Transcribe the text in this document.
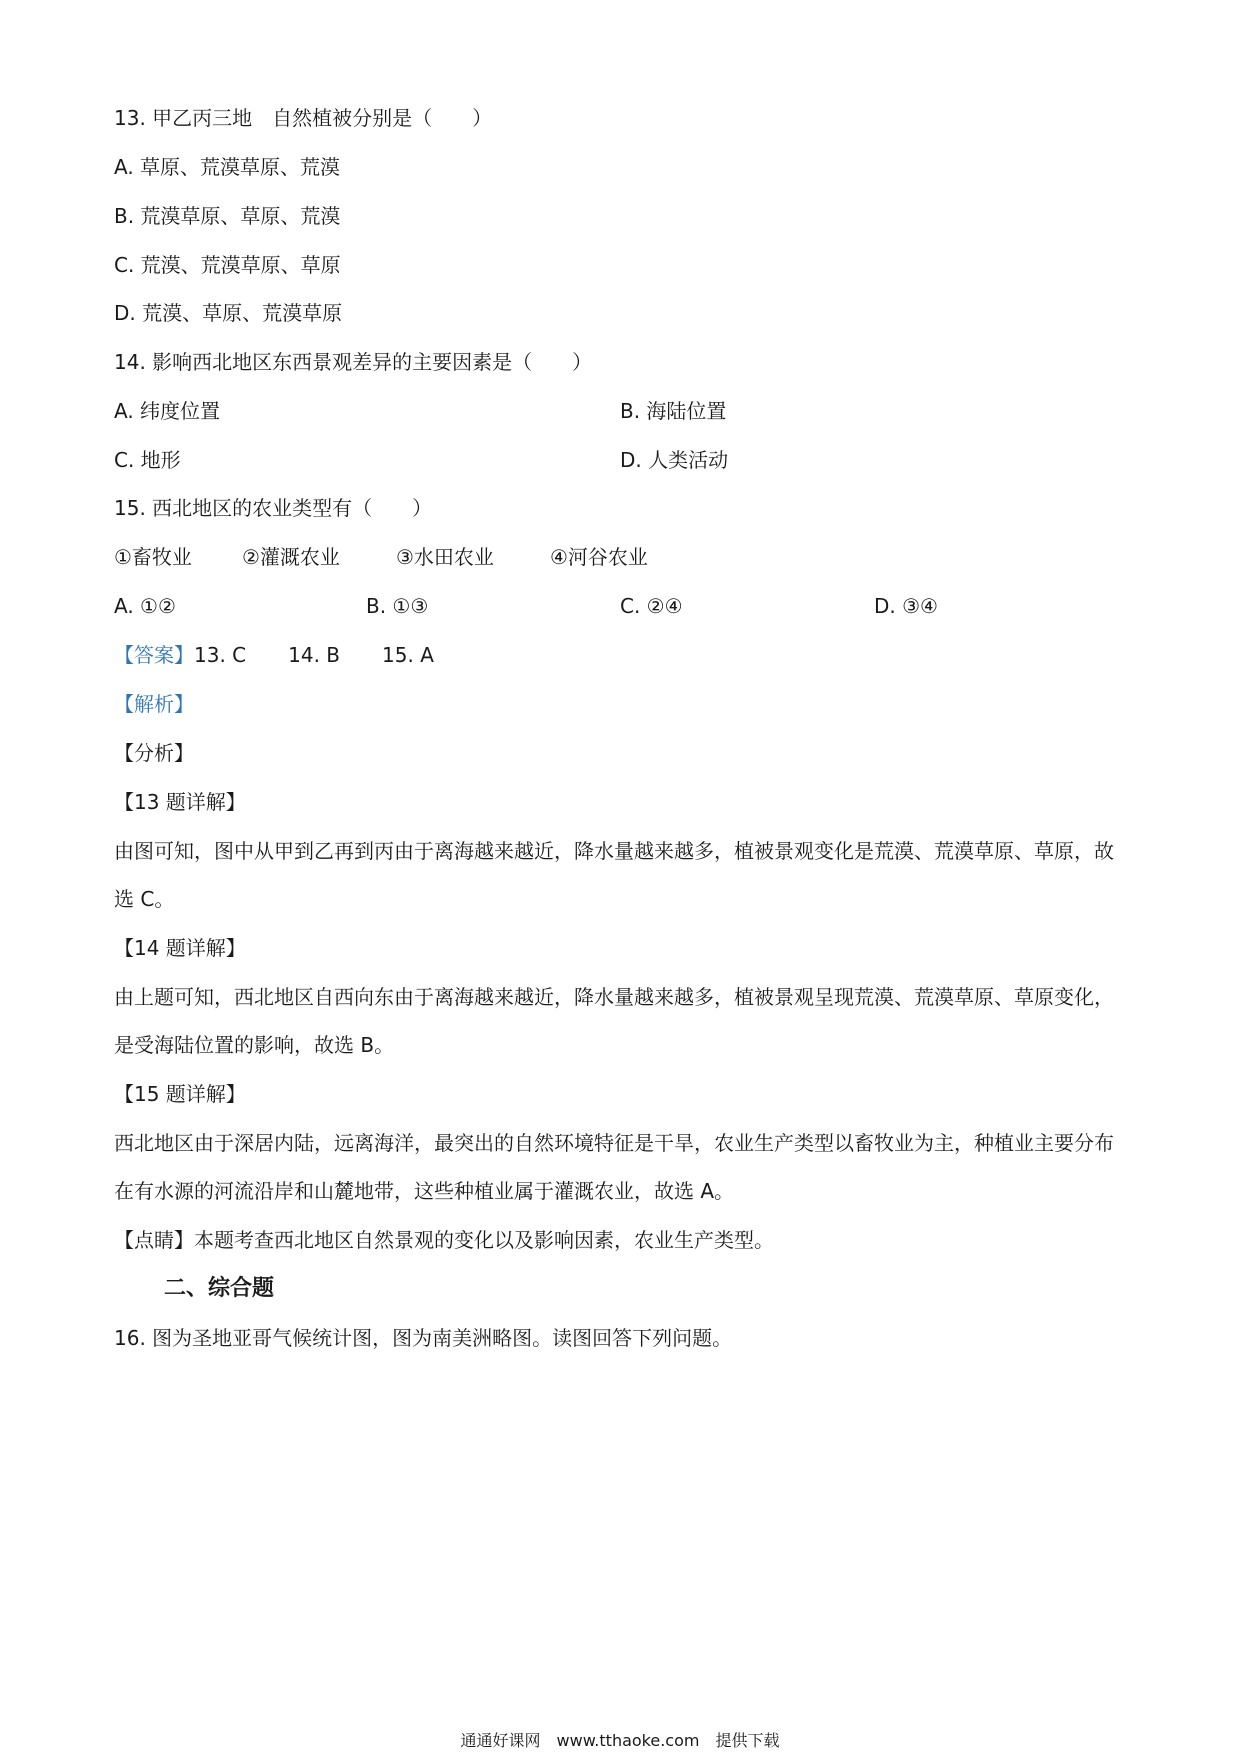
13. 甲乙丙三地　自然植被分别是（　　）
A. 草原、荒漠草原、荒漠
B. 荒漠草原、草原、荒漠
C. 荒漠、荒漠草原、草原
D. 荒漠、草原、荒漠草原
14. 影响西北地区东西景观差异的主要因素是（　　）
A. 纬度位置	B. 海陆位置
C. 地形	D. 人类活动
15. 西北地区的农业类型有（　　）
①畜牧业	②灌溉农业	③水田农业	④河谷农业
A. ①②	B. ①③	C. ②④	D. ③④
【答案】13. C 14. B 15. A
【解析】
【分析】
【13 题详解】
由图可知，图中从甲到乙再到丙由于离海越来越近，降水量越来越多，植被景观变化是荒漠、荒漠草原、草原，故选 C。
【14 题详解】
由上题可知，西北地区自西向东由于离海越来越近，降水量越来越多，植被景观呈现荒漠、荒漠草原、草原变化，是受海陆位置的影响，故选 B。
【15 题详解】
西北地区由于深居内陆，远离海洋，最突出的自然环境特征是干旱，农业生产类型以畜牧业为主，种植业主要分布在有水源的河流沿岸和山麓地带，这些种植业属于灌溉农业，故选 A。
【点睛】本题考查西北地区自然景观的变化以及影响因素，农业生产类型。
二、综合题
16. 图为圣地亚哥气候统计图，图为南美洲略图。读图回答下列问题。
通通好课网　www.tthaoke.com　提供下载
